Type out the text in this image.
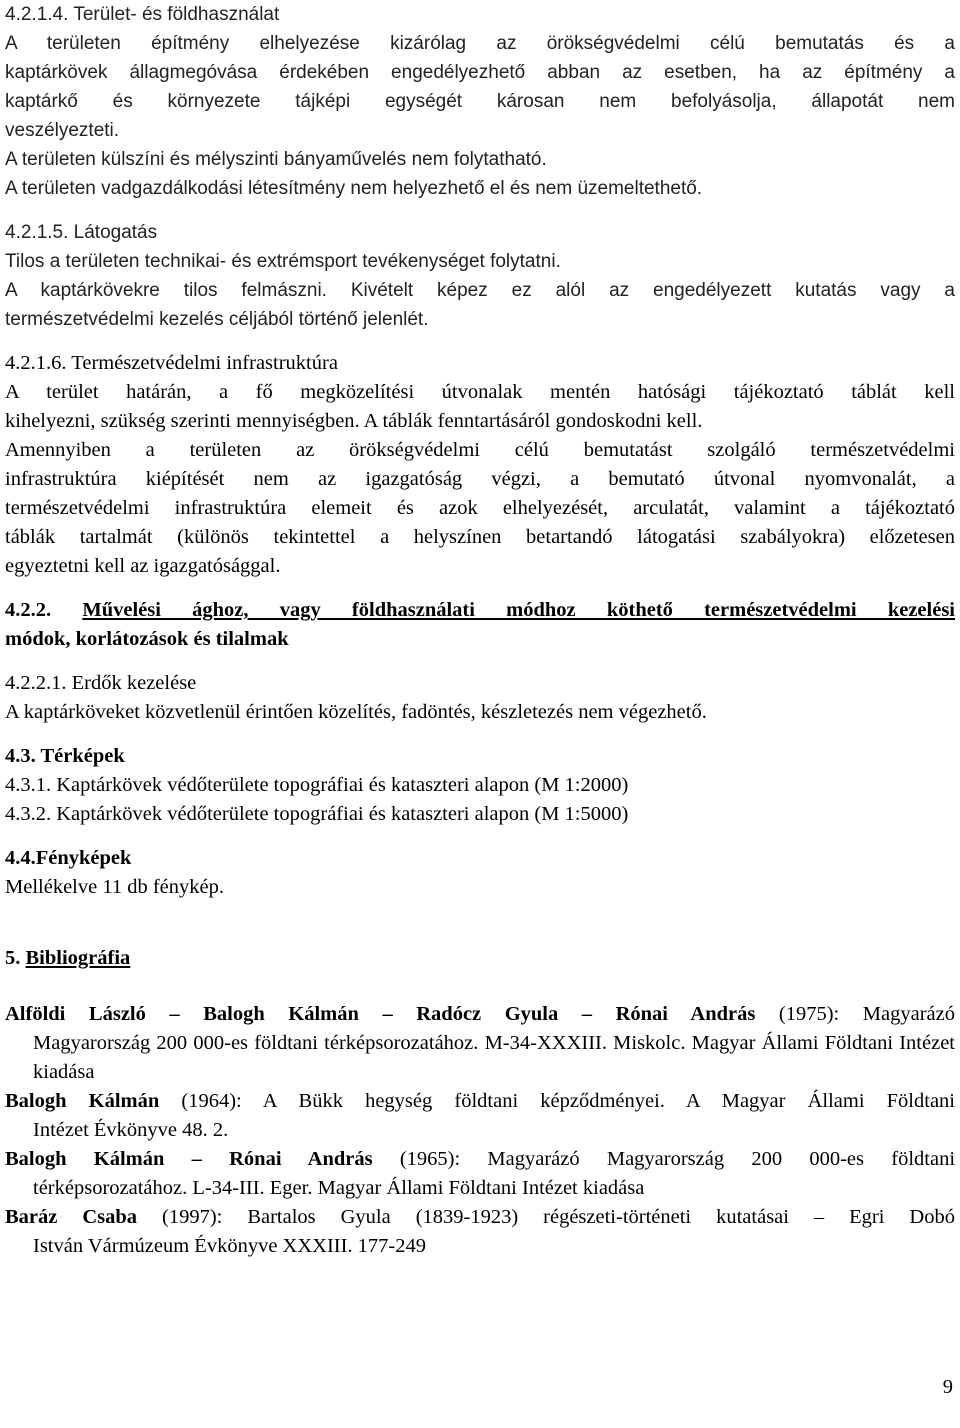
4.2.1.4. Terület- és földhasználat
A területen építmény elhelyezése kizárólag az örökségvédelmi célú bemutatás és a
kaptárkövek állagmegóvása érdekében engedélyezhető abban az esetben, ha az építmény a
kaptárkő és környezete tájképi egységét károsan nem befolyásolja, állapotát nem
veszélyezteti.
A területen külszíni és mélyszinti bányaművelés nem folytatható.
A területen vadgazdálkodási létesítmény nem helyezhető el és nem üzemeltethető.
4.2.1.5. Látogatás
Tilos a területen technikai- és extrémsport tevékenységet folytatni.
A kaptárkövekre tilos felmászni. Kivételt képez ez alól az engedélyezett kutatás vagy a
természetvédelmi kezelés céljából történő jelenlét.
4.2.1.6. Természetvédelmi infrastruktúra
A terület határán, a fő megközelítési útvonalak mentén hatósági tájékoztató táblát kell
kihelyezni, szükség szerinti mennyiségben. A táblák fenntartásáról gondoskodni kell.
Amennyiben a területen az örökségvédelmi célú bemutatást szolgáló természetvédelmi
infrastruktúra kiépítését nem az igazgatóság végzi, a bemutató útvonal nyomvonalát, a
természetvédelmi infrastruktúra elemeit és azok elhelyezését, arculatát, valamint a tájékoztató
táblák tartalmát (különös tekintettel a helyszínen betartandó látogatási szabályokra) előzetesen
egyeztetni kell az igazgatósággal.
4.2.2. Művelési ághoz, vagy földhasználati módhoz köthető természetvédelmi kezelési
módok, korlátozások és tilalmak
4.2.2.1. Erdők kezelése
A kaptárköveket közvetlenül érintően közelítés, fadöntés, készletezés nem végezhető.
4.3. Térképek
4.3.1. Kaptárkövek védőterülete topográfiai és kataszteri alapon (M 1:2000)
4.3.2. Kaptárkövek védőterülete topográfiai és kataszteri alapon (M 1:5000)
4.4.Fényképek
Mellékelve 11 db fénykép.
5. Bibliográfia
Alföldi László – Balogh Kálmán – Radócz Gyula – Rónai András (1975): Magyarázó
Magyarország 200 000-es földtani térképsorozatához. M-34-XXXIII. Miskolc. Magyar Állami Földtani Intézet kiadása
Balogh Kálmán (1964): A Bükk hegység földtani képződményei. A Magyar Állami Földtani
Intézet Évkönyve 48. 2.
Balogh Kálmán – Rónai András (1965): Magyarázó Magyarország 200 000-es földtani
térképsorozatához. L-34-III. Eger. Magyar Állami Földtani Intézet kiadása
Baráz Csaba (1997): Bartalos Gyula (1839-1923) régészeti-történeti kutatásai – Egri Dobó
István Vármúzeum Évkönyve XXXIII. 177-249
9
